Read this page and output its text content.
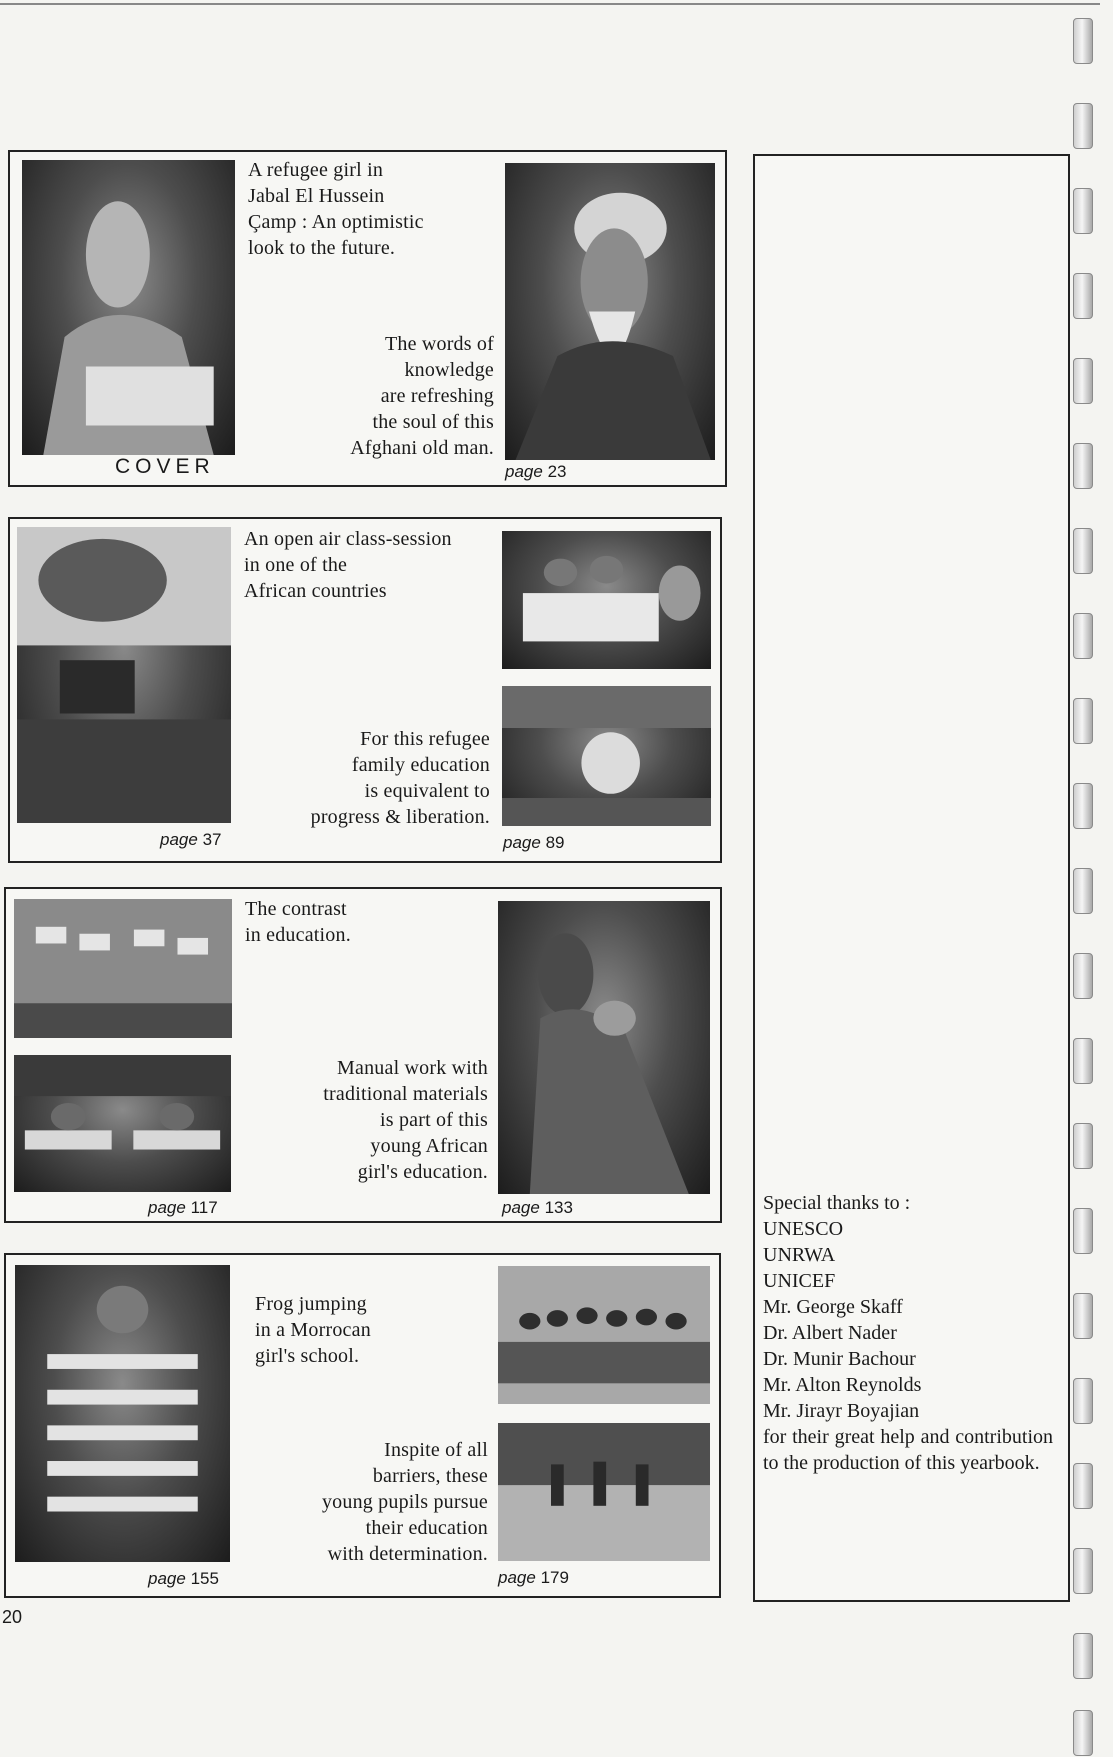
COVER

A refugee girl in
Jabal El Hussein
Çamp : An optimistic
look to the future.

The words of
knowledge
are refreshing
the soul of this
Afghani old man.

page 23
page 37

An open air class-session
in one of the
African countries

For this refugee
family education
is equivalent to
progress & liberation.

page 89
page 117

The contrast
in education.

Manual work with
traditional materials
is part of this
young African
girl's education.

page 133
page 155

Frog jumping
in a Morrocan
girl's school.

Inspite of all
barriers, these
young pupils pursue
their education
with determination.

page 179
Special thanks to :
UNESCO
UNRWA
UNICEF
Mr. George Skaff
Dr. Albert Nader
Dr. Munir Bachour
Mr. Alton Reynolds
Mr. Jirayr Boyajian
for their great help and contribution to the production of this yearbook.
20
